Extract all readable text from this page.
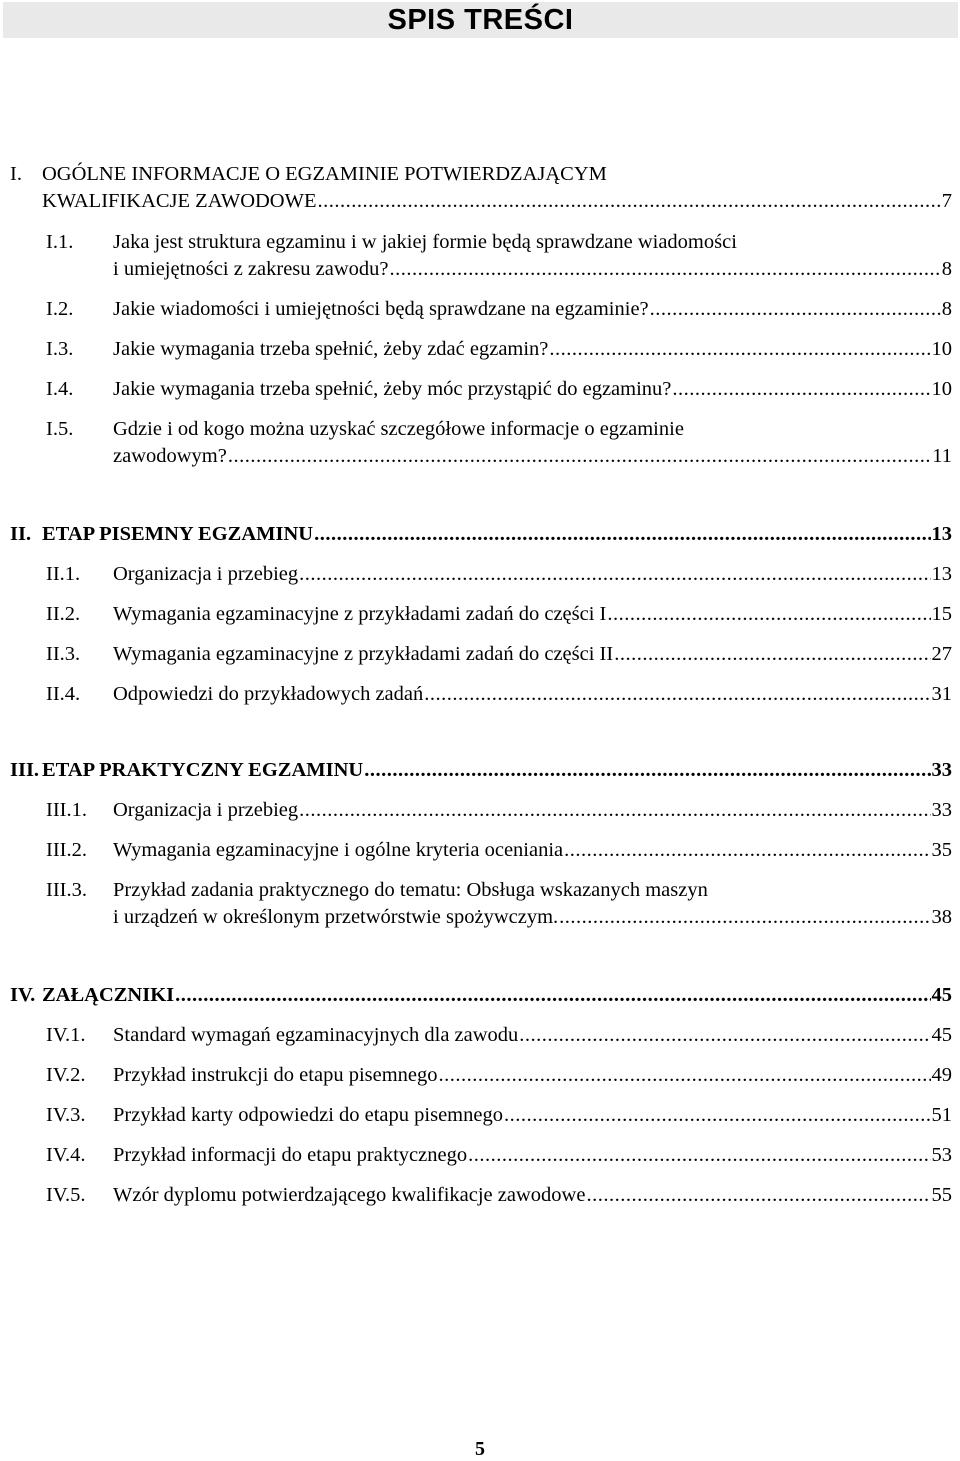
SPIS TREŚCI
I. OGÓLNE INFORMACJE O EGZAMINIE POTWIERDZAJĄCYM
KWALIFIKACJE ZAWODOWE .....	7
I.1. Jaka jest struktura egzaminu i w jakiej formie będą sprawdzane wiadomości
i umiejętności z zakresu zawodu? .....	8
I.2. Jakie wiadomości i umiejętności będą sprawdzane na egzaminie? .....	8
I.3. Jakie wymagania trzeba spełnić, żeby zdać egzamin? .....	10
I.4. Jakie wymagania trzeba spełnić, żeby móc przystąpić do egzaminu? .....	10
I.5. Gdzie i od kogo można uzyskać szczegółowe informacje o egzaminie
zawodowym? .....	11
II. ETAP PISEMNY EGZAMINU .....	13
II.1. Organizacja i przebieg .....	13
II.2. Wymagania egzaminacyjne z przykładami zadań do części I .....	15
II.3. Wymagania egzaminacyjne z przykładami zadań do części II .....	27
II.4. Odpowiedzi do przykładowych zadań .....	31
III. ETAP PRAKTYCZNY EGZAMINU .....	33
III.1. Organizacja i przebieg .....	33
III.2. Wymagania egzaminacyjne i ogólne kryteria oceniania .....	35
III.3. Przykład zadania praktycznego do tematu: Obsługa wskazanych maszyn
i urządzeń w określonym przetwórstwie spożywczym. .....	38
IV. ZAŁĄCZNIKI .....	45
IV.1. Standard wymagań egzaminacyjnych dla zawodu .....	45
IV.2. Przykład instrukcji do etapu pisemnego .....	49
IV.3. Przykład karty odpowiedzi do etapu pisemnego .....	51
IV.4. Przykład informacji do etapu praktycznego .....	53
IV.5. Wzór dyplomu potwierdzającego kwalifikacje zawodowe .....	55
5
